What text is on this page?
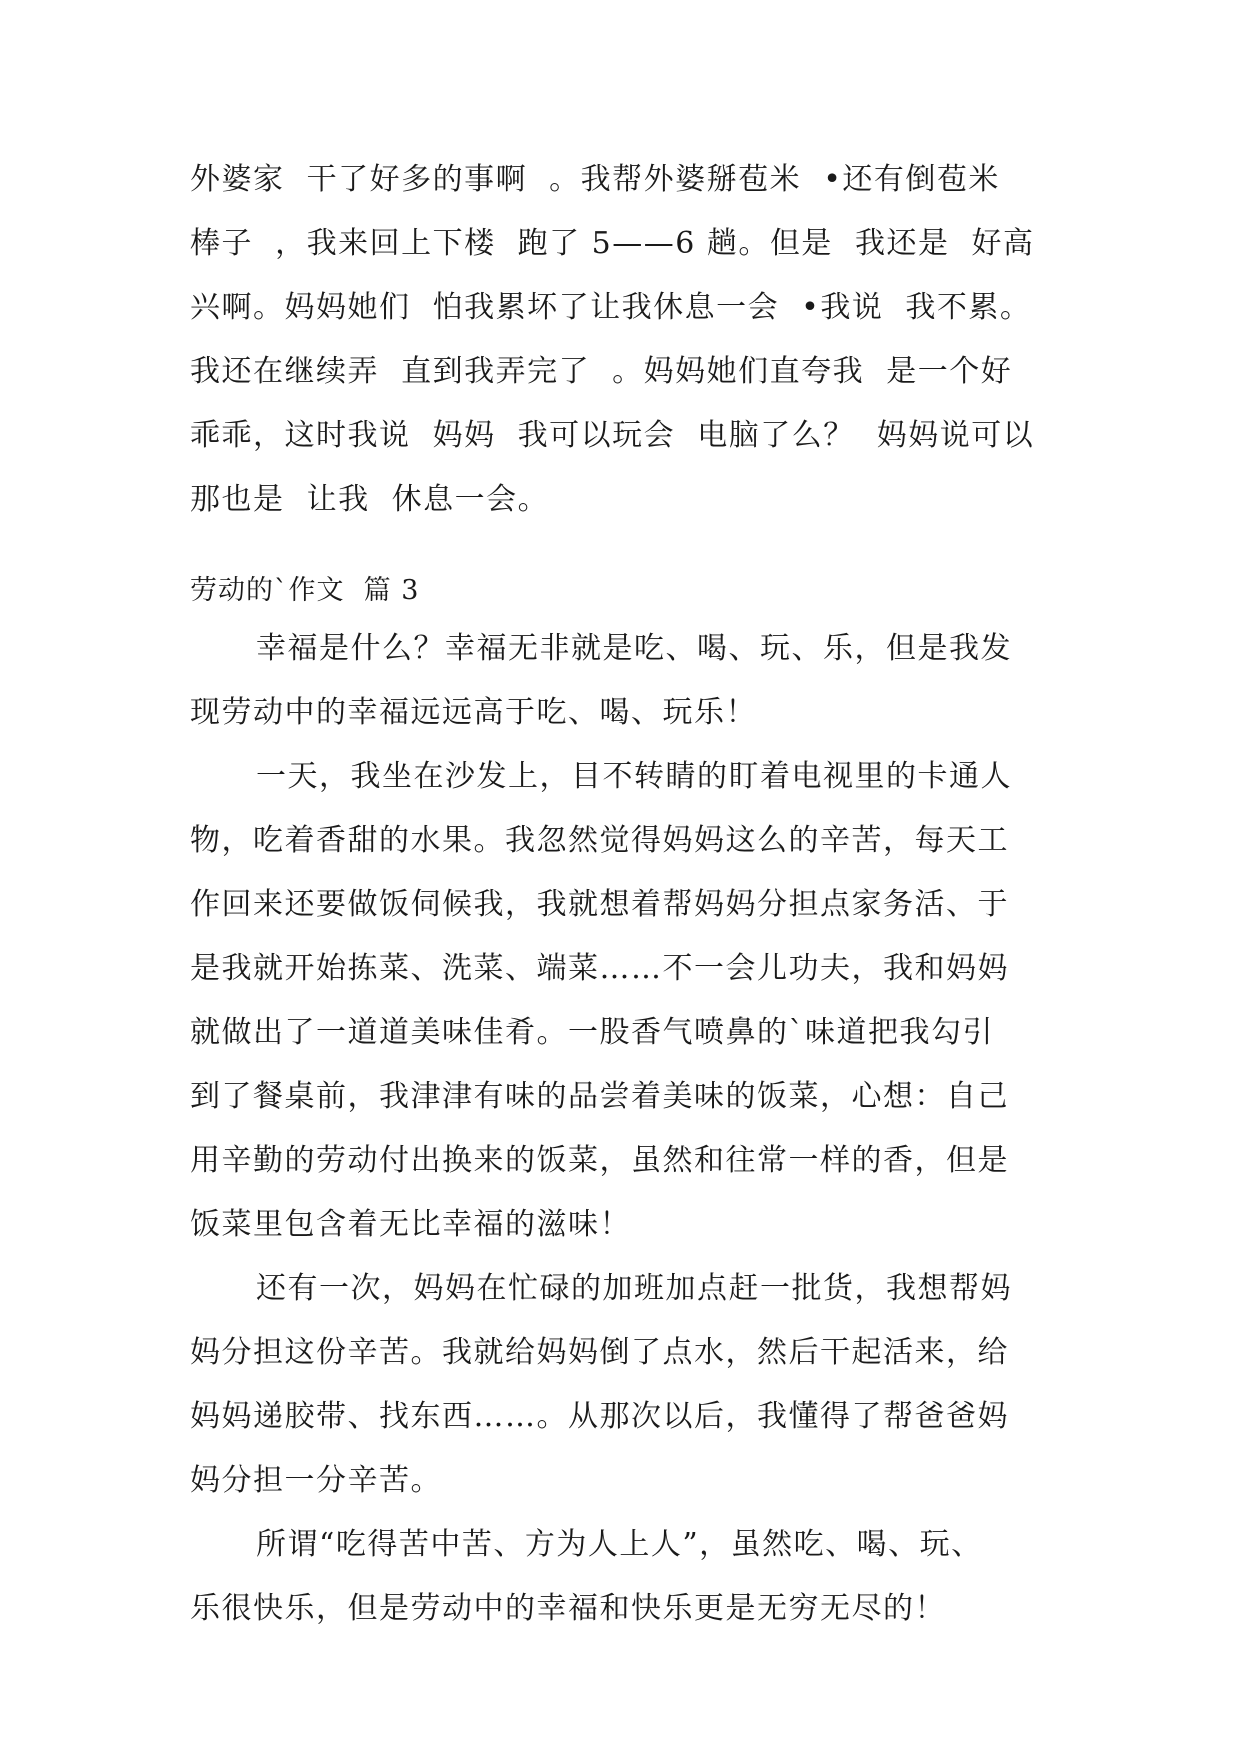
外婆家  干了好多的事啊  。我帮外婆掰苞米  •还有倒苞米

棒子  ，我来回上下楼  跑了 5——6 趟。但是  我还是  好高

兴啊。妈妈她们  怕我累坏了让我休息一会  •我说  我不累。

我还在继续弄  直到我弄完了  。妈妈她们直夸我  是一个好

乖乖，这时我说  妈妈  我可以玩会  电脑了么？  妈妈说可以

那也是  让我  休息一会。

劳动的`作文  篇 3

幸福是什么？幸福无非就是吃、喝、玩、乐，但是我发

现劳动中的幸福远远高于吃、喝、玩乐！

一天，我坐在沙发上，目不转睛的盯着电视里的卡通人

物，吃着香甜的水果。我忽然觉得妈妈这么的辛苦，每天工

作回来还要做饭伺候我，我就想着帮妈妈分担点家务活、于

是我就开始拣菜、洗菜、端菜……不一会儿功夫，我和妈妈

就做出了一道道美味佳肴。一股香气喷鼻的`味道把我勾引

到了餐桌前，我津津有味的品尝着美味的饭菜，心想：自己

用辛勤的劳动付出换来的饭菜，虽然和往常一样的香，但是

饭菜里包含着无比幸福的滋味！

还有一次，妈妈在忙碌的加班加点赶一批货，我想帮妈

妈分担这份辛苦。我就给妈妈倒了点水，然后干起活来，给

妈妈递胶带、找东西……。从那次以后，我懂得了帮爸爸妈

妈分担一分辛苦。

所谓“吃得苦中苦、方为人上人”，虽然吃、喝、玩、

乐很快乐，但是劳动中的幸福和快乐更是无穷无尽的！
